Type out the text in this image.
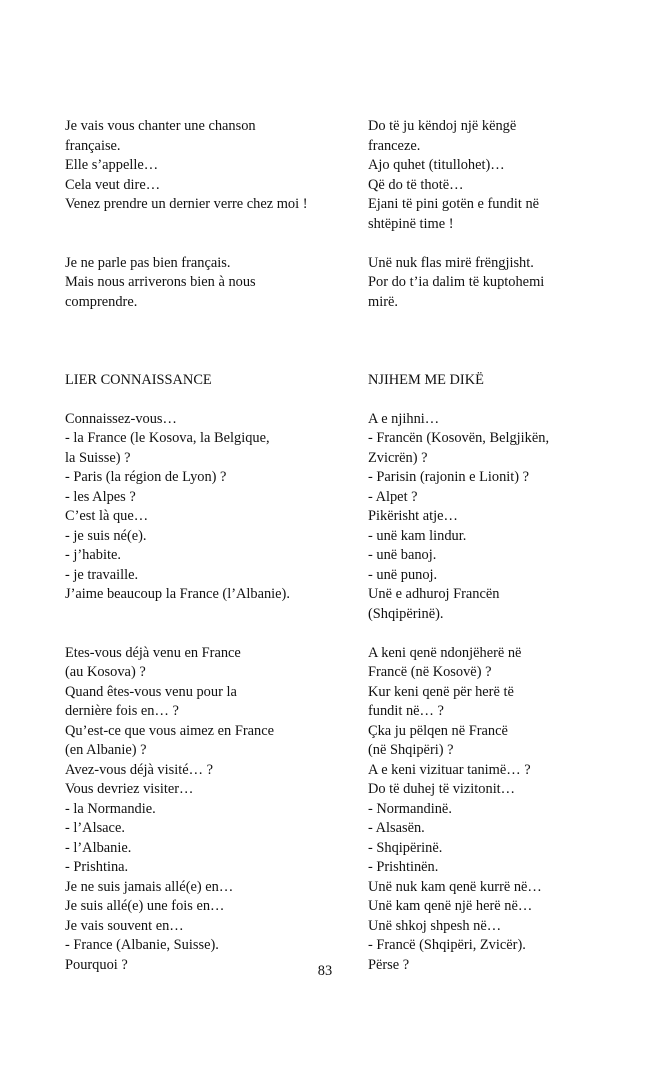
Je vais vous chanter une chanson
française.
Elle s’appelle…
Cela veut dire…
Venez prendre un dernier verre chez moi !
Je ne parle pas bien français.
Mais nous arriverons bien à nous
comprendre.
LIER CONNAISSANCE
Connaissez-vous…
- la France (le Kosova, la Belgique,
la Suisse) ?
- Paris (la région de Lyon) ?
- les Alpes ?
C’est là que…
- je suis né(e).
- j’habite.
- je travaille.
J’aime beaucoup la France (l’Albanie).
Etes-vous déjà venu en France
(au Kosova) ?
Quand êtes-vous venu pour la
dernière fois en… ?
Qu’est-ce que vous aimez en France
(en Albanie) ?
Avez-vous déjà visité… ?
Vous devriez visiter…
- la Normandie.
- l’Alsace.
- l’Albanie.
- Prishtina.
Je ne suis jamais allé(e) en…
Je suis allé(e) une fois en…
Je vais souvent en…
- France (Albanie, Suisse).
Pourquoi ?
Do të ju këndoj një këngë
franceze.
Ajo quhet (titullohet)…
Që do të thotë…
Ejani të pini gotën e fundit në
shtëpinë time !
Unë nuk flas mirë frëngjisht.
Por do t’ia dalim të kuptohemi
mirë.
NJIHEM ME DIKË
A e njihni…
- Francën (Kosovën, Belgjikën,
Zvicrën) ?
- Parisin (rajonin e Lionit) ?
- Alpet ?
Pikërisht atje…
- unë kam lindur.
- unë banoj.
- unë punoj.
Unë e adhuroj Francën
(Shqipërinë).
A keni qenë ndonjëherë në
Francë (në Kosovë) ?
Kur keni qenë për herë të
fundit në… ?
Çka ju pëlqen në Francë
(në Shqipëri) ?
A e keni vizituar tanimë… ?
Do të duhej të vizitonit…
- Normandinë.
- Alsasën.
- Shqipërinë.
- Prishtinën.
Unë nuk kam qenë kurrë në…
Unë kam qenë një herë në…
Unë shkoj shpesh në…
- Francë (Shqipëri, Zvicër).
Përse ?
83
